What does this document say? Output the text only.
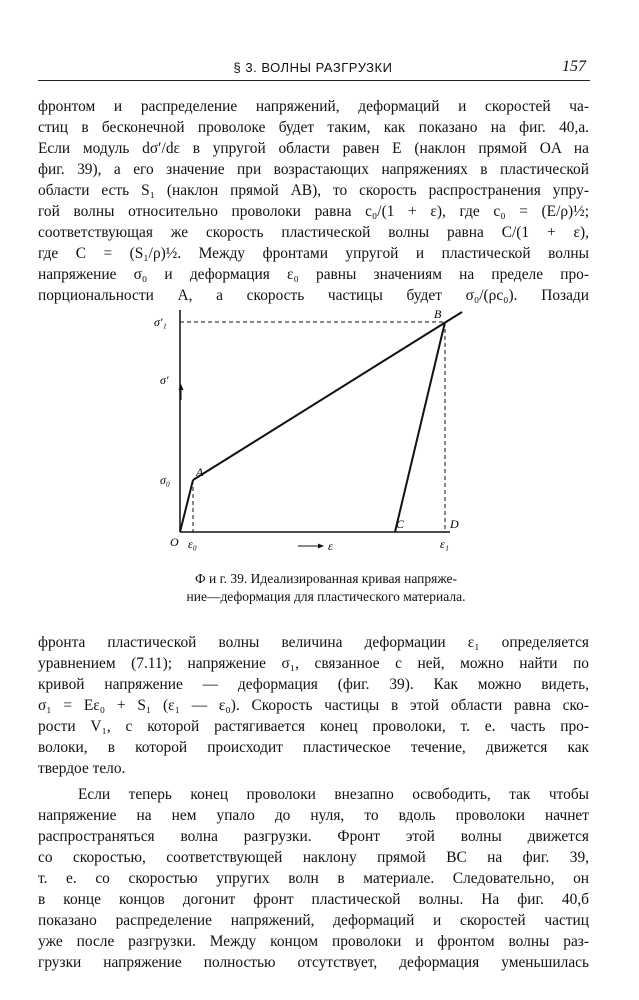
§ 3. ВОЛНЫ РАЗГРУЗКИ	157
фронтом и распределение напряжений, деформаций и скоростей ча-
стиц в бесконечной проволоке будет таким, как показано на фиг. 40,a.
Если модуль dσ′/dε в упругой области равен E (наклон прямой OA на
фиг. 39), а его значение при возрастающих напряжениях в пластической
области есть S₁ (наклон прямой AB), то скорость распространения упру-
гой волны относительно проволоки равна c₀/(1 + ε), где c₀ = (E/ρ)½;
соответствующая же скорость пластической волны равна C/(1 + ε),
где C = (S₁/ρ)½. Между фронтами упругой и пластической волны
напряжение σ₀ и деформация ε₀ равны значениям на пределе про-
порциональности A, а скорость частицы будет σ₀/(ρc₀). Позади
σ′₁
σ′
σ₀
O ε₀	ε	ε₁
A
B
C	D
Ф и г. 39. Идеализированная кривая напряже-
ние—деформация для пластического материала.
фронта пластической волны величина деформации ε₁ определяется
уравнением (7.11); напряжение σ₁, связанное с ней, можно найти по
кривой напряжение — деформация (фиг. 39). Как можно видеть,
σ₁ = Eε₀ + S₁ (ε₁ — ε₀). Скорость частицы в этой области равна ско-
рости V₁, с которой растягивается конец проволоки, т. е. часть про-
волоки, в которой происходит пластическое течение, движется как
твердое тело.
Если теперь конец проволоки внезапно освободить, так чтобы
напряжение на нем упало до нуля, то вдоль проволоки начнет
распространяться волна разгрузки. Фронт этой волны движется
со скоростью, соответствующей наклону прямой BC на фиг. 39,
т. е. со скоростью упругих волн в материале. Следовательно, он
в конце концов догонит фронт пластической волны. На фиг. 40,б
показано распределение напряжений, деформаций и скоростей частиц
уже после разгрузки. Между концом проволоки и фронтом волны раз-
грузки напряжение полностью отсутствует, деформация уменьшилась
